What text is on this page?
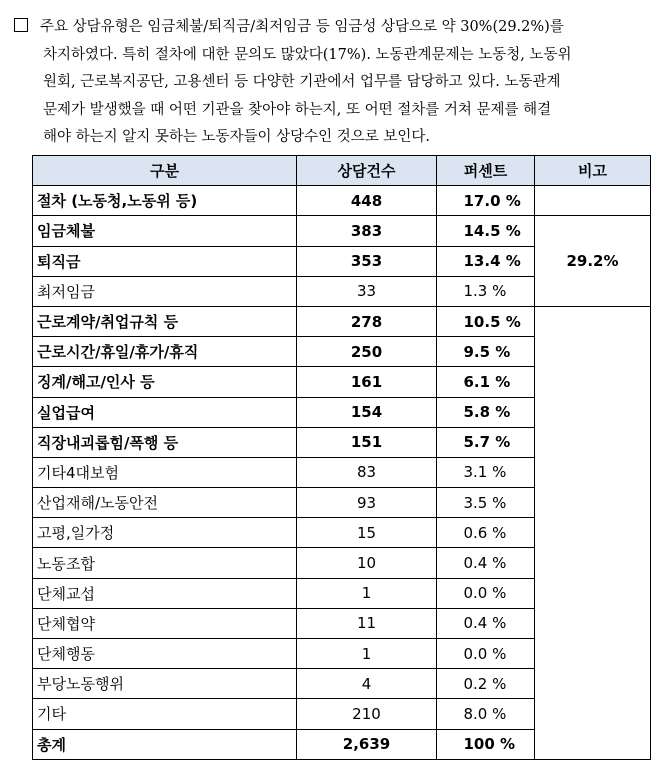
주요 상담유형은 임금체불/퇴직금/최저임금 등 임금성 상담으로 약 30%(29.2%)를
차지하였다. 특히 절차에 대한 문의도 많았다(17%). 노동관계문제는 노동청, 노동위
원회, 근로복지공단, 고용센터 등 다양한 기관에서 업무를 담당하고 있다. 노동관계
문제가 발생했을 때 어떤 기관을 찾아야 하는지, 또 어떤 절차를 거쳐 문제를 해결
해야 하는지 알지 못하는 노동자들이 상당수인 것으로 보인다.
구분	상담건수	퍼센트	비고
절차 (노동청,노동위 등)	448	17.0 %	
임금체불	383	14.5 %	29.2%
퇴직금	353	13.4 %	
최저임금	33	1.3 %	
근로계약/취업규칙 등	278	10.5 %	
근로시간/휴일/휴가/휴직	250	9.5 %	
징계/해고/인사 등	161	6.1 %	
실업급여	154	5.8 %	
직장내괴롭힘/폭행 등	151	5.7 %	
기타4대보험	83	3.1 %	
산업재해/노동안전	93	3.5 %	
고평,일가정	15	0.6 %	
노동조합	10	0.4 %	
단체교섭	1	0.0 %	
단체협약	11	0.4 %	
단체행동	1	0.0 %	
부당노동행위	4	0.2 %	
기타	210	8.0 %	
총계	2,639	100 %	
